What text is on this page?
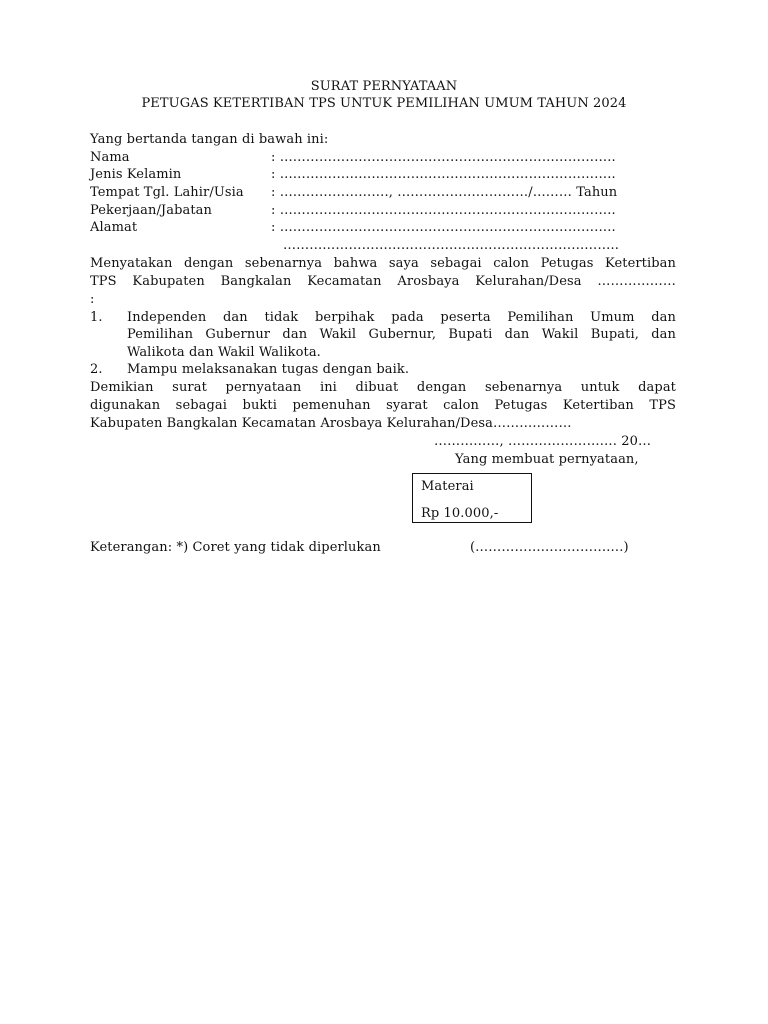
SURAT PERNYATAAN
PETUGAS KETERTIBAN TPS UNTUK PEMILIHAN UMUM TAHUN 2024
Yang bertanda tangan di bawah ini:
Nama	: …………………………………………………………………..
Jenis Kelamin	: …………………………………………………………………..
Tempat Tgl. Lahir/Usia : ……………………., …………………………/……… Tahun
Pekerjaan/Jabatan	: …………………………………………………………………..
Alamat	: …………………………………………………………………..
…………………………………………………………………..
Menyatakan dengan sebenarnya bahwa saya sebagai calon Petugas Ketertiban
TPS Kabupaten Bangkalan Kecamatan Arosbaya Kelurahan/Desa ………………
:
1. Independen dan tidak berpihak pada peserta Pemilihan Umum dan
Pemilihan Gubernur dan Wakil Gubernur, Bupati dan Wakil Bupati, dan
Walikota dan Wakil Walikota.
2. Mampu melaksanakan tugas dengan baik.
Demikian surat pernyataan ini dibuat dengan sebenarnya untuk dapat
digunakan sebagai bukti pemenuhan syarat calon Petugas Ketertiban TPS
Kabupaten Bangkalan Kecamatan Arosbaya Kelurahan/Desa………………
……………, ……………………. 20…
Yang membuat pernyataan,
Materai
Rp 10.000,-
(…………………………….)
Keterangan: *) Coret yang tidak diperlukan
